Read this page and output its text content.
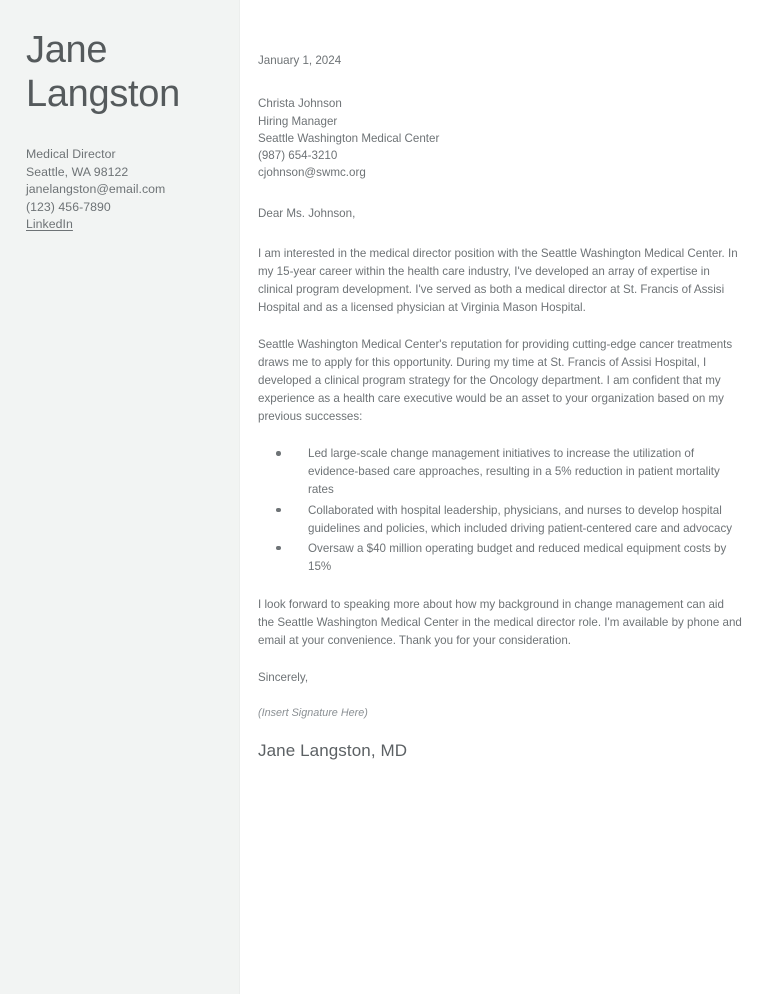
Jane
Langston
Medical Director
Seattle, WA 98122
janelangston@email.com
(123) 456-7890
LinkedIn
January 1, 2024
Christa Johnson
Hiring Manager
Seattle Washington Medical Center
(987) 654-3210
cjohnson@swmc.org
Dear Ms. Johnson,

I am interested in the medical director position with the Seattle Washington Medical Center. In my 15-year career within the health care industry, I've developed an array of expertise in clinical program development. I've served as both a medical director at St. Francis of Assisi Hospital and as a licensed physician at Virginia Mason Hospital.

Seattle Washington Medical Center's reputation for providing cutting-edge cancer treatments draws me to apply for this opportunity. During my time at St. Francis of Assisi Hospital, I developed a clinical program strategy for the Oncology department. I am confident that my experience as a health care executive would be an asset to your organization based on my previous successes:

Led large-scale change management initiatives to increase the utilization of evidence-based care approaches, resulting in a 5% reduction in patient mortality rates
Collaborated with hospital leadership, physicians, and nurses to develop hospital guidelines and policies, which included driving patient-centered care and advocacy
Oversaw a $40 million operating budget and reduced medical equipment costs by 15%

I look forward to speaking more about how my background in change management can aid the Seattle Washington Medical Center in the medical director role. I'm available by phone and email at your convenience. Thank you for your consideration.

Sincerely,
(Insert Signature Here)
Jane Langston, MD
